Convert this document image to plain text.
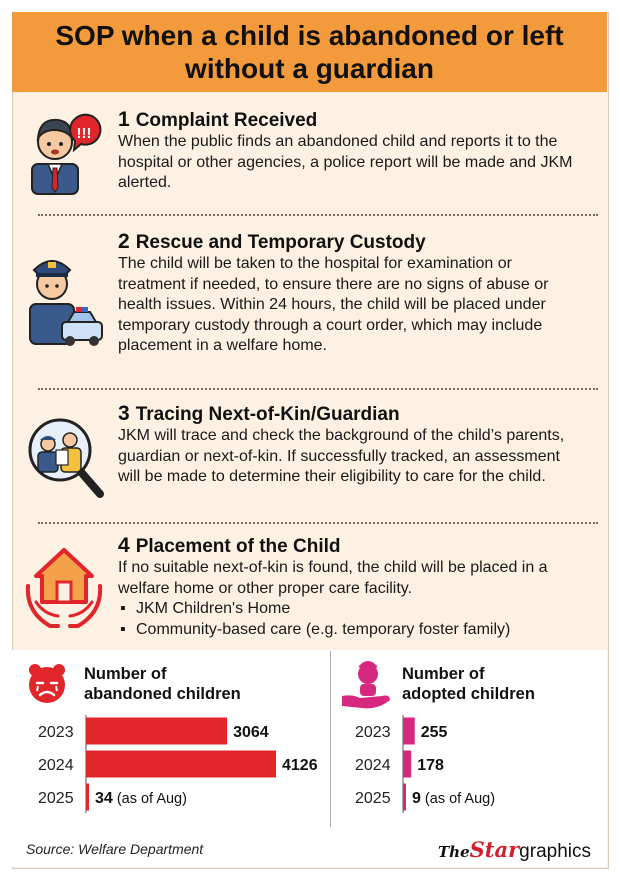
SOP when a child is abandoned or left
without a guardian
!!!
1 Complaint Received
When the public finds an abandoned child and reports it to the hospital or other agencies, a police report will be made and JKM alerted.
2 Rescue and Temporary Custody
The child will be taken to the hospital for examination or treatment if needed, to ensure there are no signs of abuse or health issues. Within 24 hours, the child will be placed under temporary custody through a court order, which may include placement in a welfare home.
3 Tracing Next-of-Kin/Guardian
JKM will trace and check the background of the child’s parents, guardian or next-of-kin. If successfully tracked, an assessment will be made to determine their eligibility to care for the child.
4 Placement of the Child
If no suitable next-of-kin is found, the child will be placed in a welfare home or other proper care facility.
▪ JKM Children's Home
▪ Community-based care (e.g. temporary foster family)
Number of
abandoned children
Number of
adopted children
2023	3064
2024	4126
2025 34 (as of Aug)
2023 255
2024 178
2025 9 (as of Aug)
Source: Welfare Department	TheStargraphics
